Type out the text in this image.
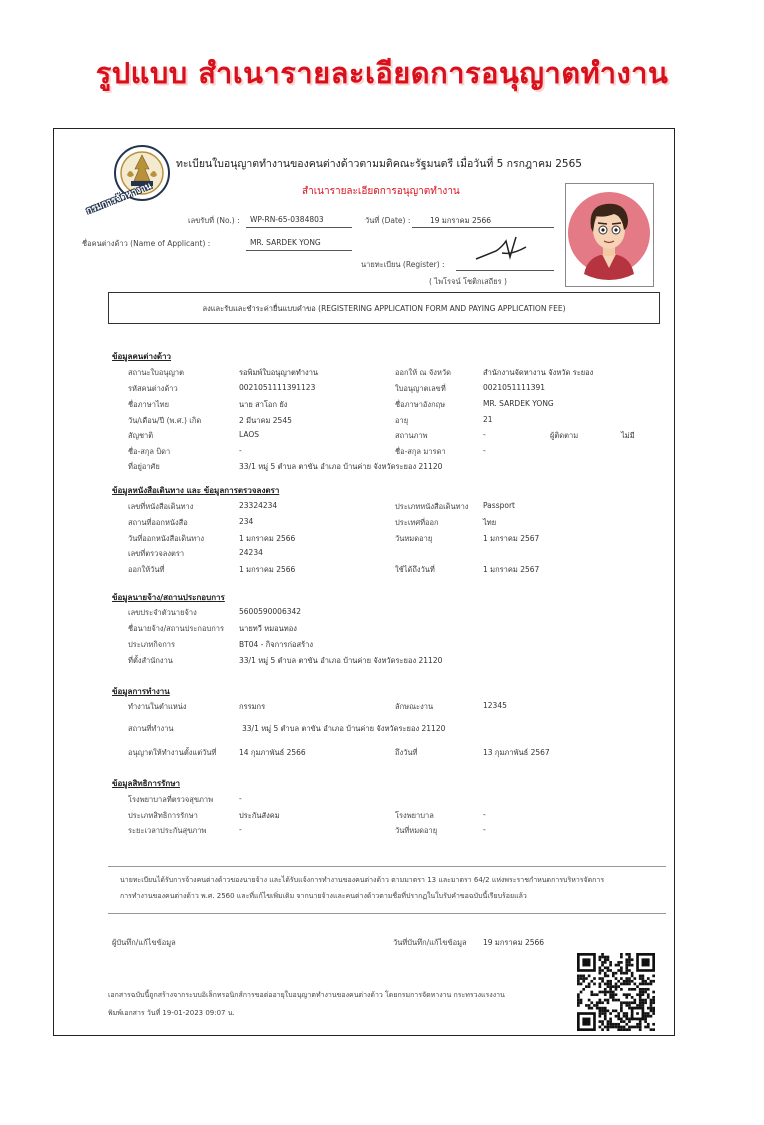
รูปแบบ สำเนารายละเอียดการอนุญาตทำงาน
กรมการจัดหางาน
ทะเบียนใบอนุญาตทำงานของคนต่างด้าวตามมติคณะรัฐมนตรี เมื่อวันที่ 5 กรกฎาคม 2565
สำเนารายละเอียดการอนุญาตทำงาน
เลขรับที่ (No.) : WP-RN-65-0384803	วันที่ (Date) :	19 มกราคม 2566
ชื่อคนต่างด้าว (Name of Applicant) :	MR. SARDEK YONG
นายทะเบียน (Register) :
( ไพโรจน์ โชติกเสถียร )
ลงและรับและชำระค่ายื่นแบบคำขอ (REGISTERING APPLICATION FORM AND PAYING APPLICATION FEE)
ข้อมูลคนต่างด้าว
สถานะใบอนุญาต	รอพิมพ์ใบอนุญาตทำงาน	ออกให้ ณ จังหวัด	สำนักงานจัดหางาน จังหวัด ระยอง
รหัสคนต่างด้าว	0021051111391123	ใบอนุญาตเลขที่	0021051111391
ชื่อภาษาไทย	นาย สาโอก ยัง	ชื่อภาษาอังกฤษ	MR. SARDEK YONG
วัน/เดือน/ปี (พ.ศ.) เกิด	2 มีนาคม 2545	อายุ	21
สัญชาติ	LAOS	สถานภาพ	-	ผู้ติดตาม	ไม่มี
ชื่อ-สกุล บิดา	-	ชื่อ-สกุล มารดา	-
ที่อยู่อาศัย	33/1 หมู่ 5 ตำบล ตาขัน อำเภอ บ้านค่าย จังหวัดระยอง 21120
ข้อมูลหนังสือเดินทาง และ ข้อมูลการตรวจลงตรา
เลขที่หนังสือเดินทาง	23324234	ประเภทหนังสือเดินทาง Passport
สถานที่ออกหนังสือ	234	ประเทศที่ออก	ไทย
วันที่ออกหนังสือเดินทาง	1 มกราคม 2566	วันหมดอายุ	1 มกราคม 2567
เลขที่ตรวจลงตรา	24234
ออกให้วันที่	1 มกราคม 2566	ใช้ได้ถึงวันที่	1 มกราคม 2567
ข้อมูลนายจ้าง/สถานประกอบการ
เลขประจำตัวนายจ้าง	5600590006342
ชื่อนายจ้าง/สถานประกอบการ นายทวี หมอนทอง
ประเภทกิจการ	BT04 - กิจการก่อสร้าง
ที่ตั้งสำนักงาน	33/1 หมู่ 5 ตำบล ตาขัน อำเภอ บ้านค่าย จังหวัดระยอง 21120
ข้อมูลการทำงาน
ทำงานในตำแหน่ง	กรรมกร	ลักษณะงาน	12345
สถานที่ทำงาน	33/1 หมู่ 5 ตำบล ตาขัน อำเภอ บ้านค่าย จังหวัดระยอง 21120
อนุญาตให้ทำงานตั้งแต่วันที่	14 กุมภาพันธ์ 2566	ถึงวันที่	13 กุมภาพันธ์ 2567
ข้อมูลสิทธิการรักษา
โรงพยาบาลที่ตรวจสุขภาพ	-
ประเภทสิทธิการรักษา	ประกันสังคม	โรงพยาบาล	-
ระยะเวลาประกันสุขภาพ	-	วันที่หมดอายุ	-
นายทะเบียนได้รับการจ้างคนต่างด้าวของนายจ้าง และได้รับแจ้งการทำงานของคนต่างด้าว ตามมาตรา 13 และมาตรา 64/2 แห่งพระราชกำหนดการบริหารจัดการ
การทำงานของคนต่างด้าว พ.ศ. 2560 และที่แก้ไขเพิ่มเติม จากนายจ้างและคนต่างด้าวตามชื่อที่ปรากฏในใบรับคำขอฉบับนี้เรียบร้อยแล้ว
ผู้บันทึก/แก้ไขข้อมูล	วันที่บันทึก/แก้ไขข้อมูล 19 มกราคม 2566
เอกสารฉบับนี้ถูกสร้างจากระบบอิเล็กทรอนิกส์การขอต่ออายุใบอนุญาตทำงานของคนต่างด้าว โดยกรมการจัดหางาน กระทรวงแรงงาน
พิมพ์เอกสาร วันที่ 19-01-2023 09:07 น.
